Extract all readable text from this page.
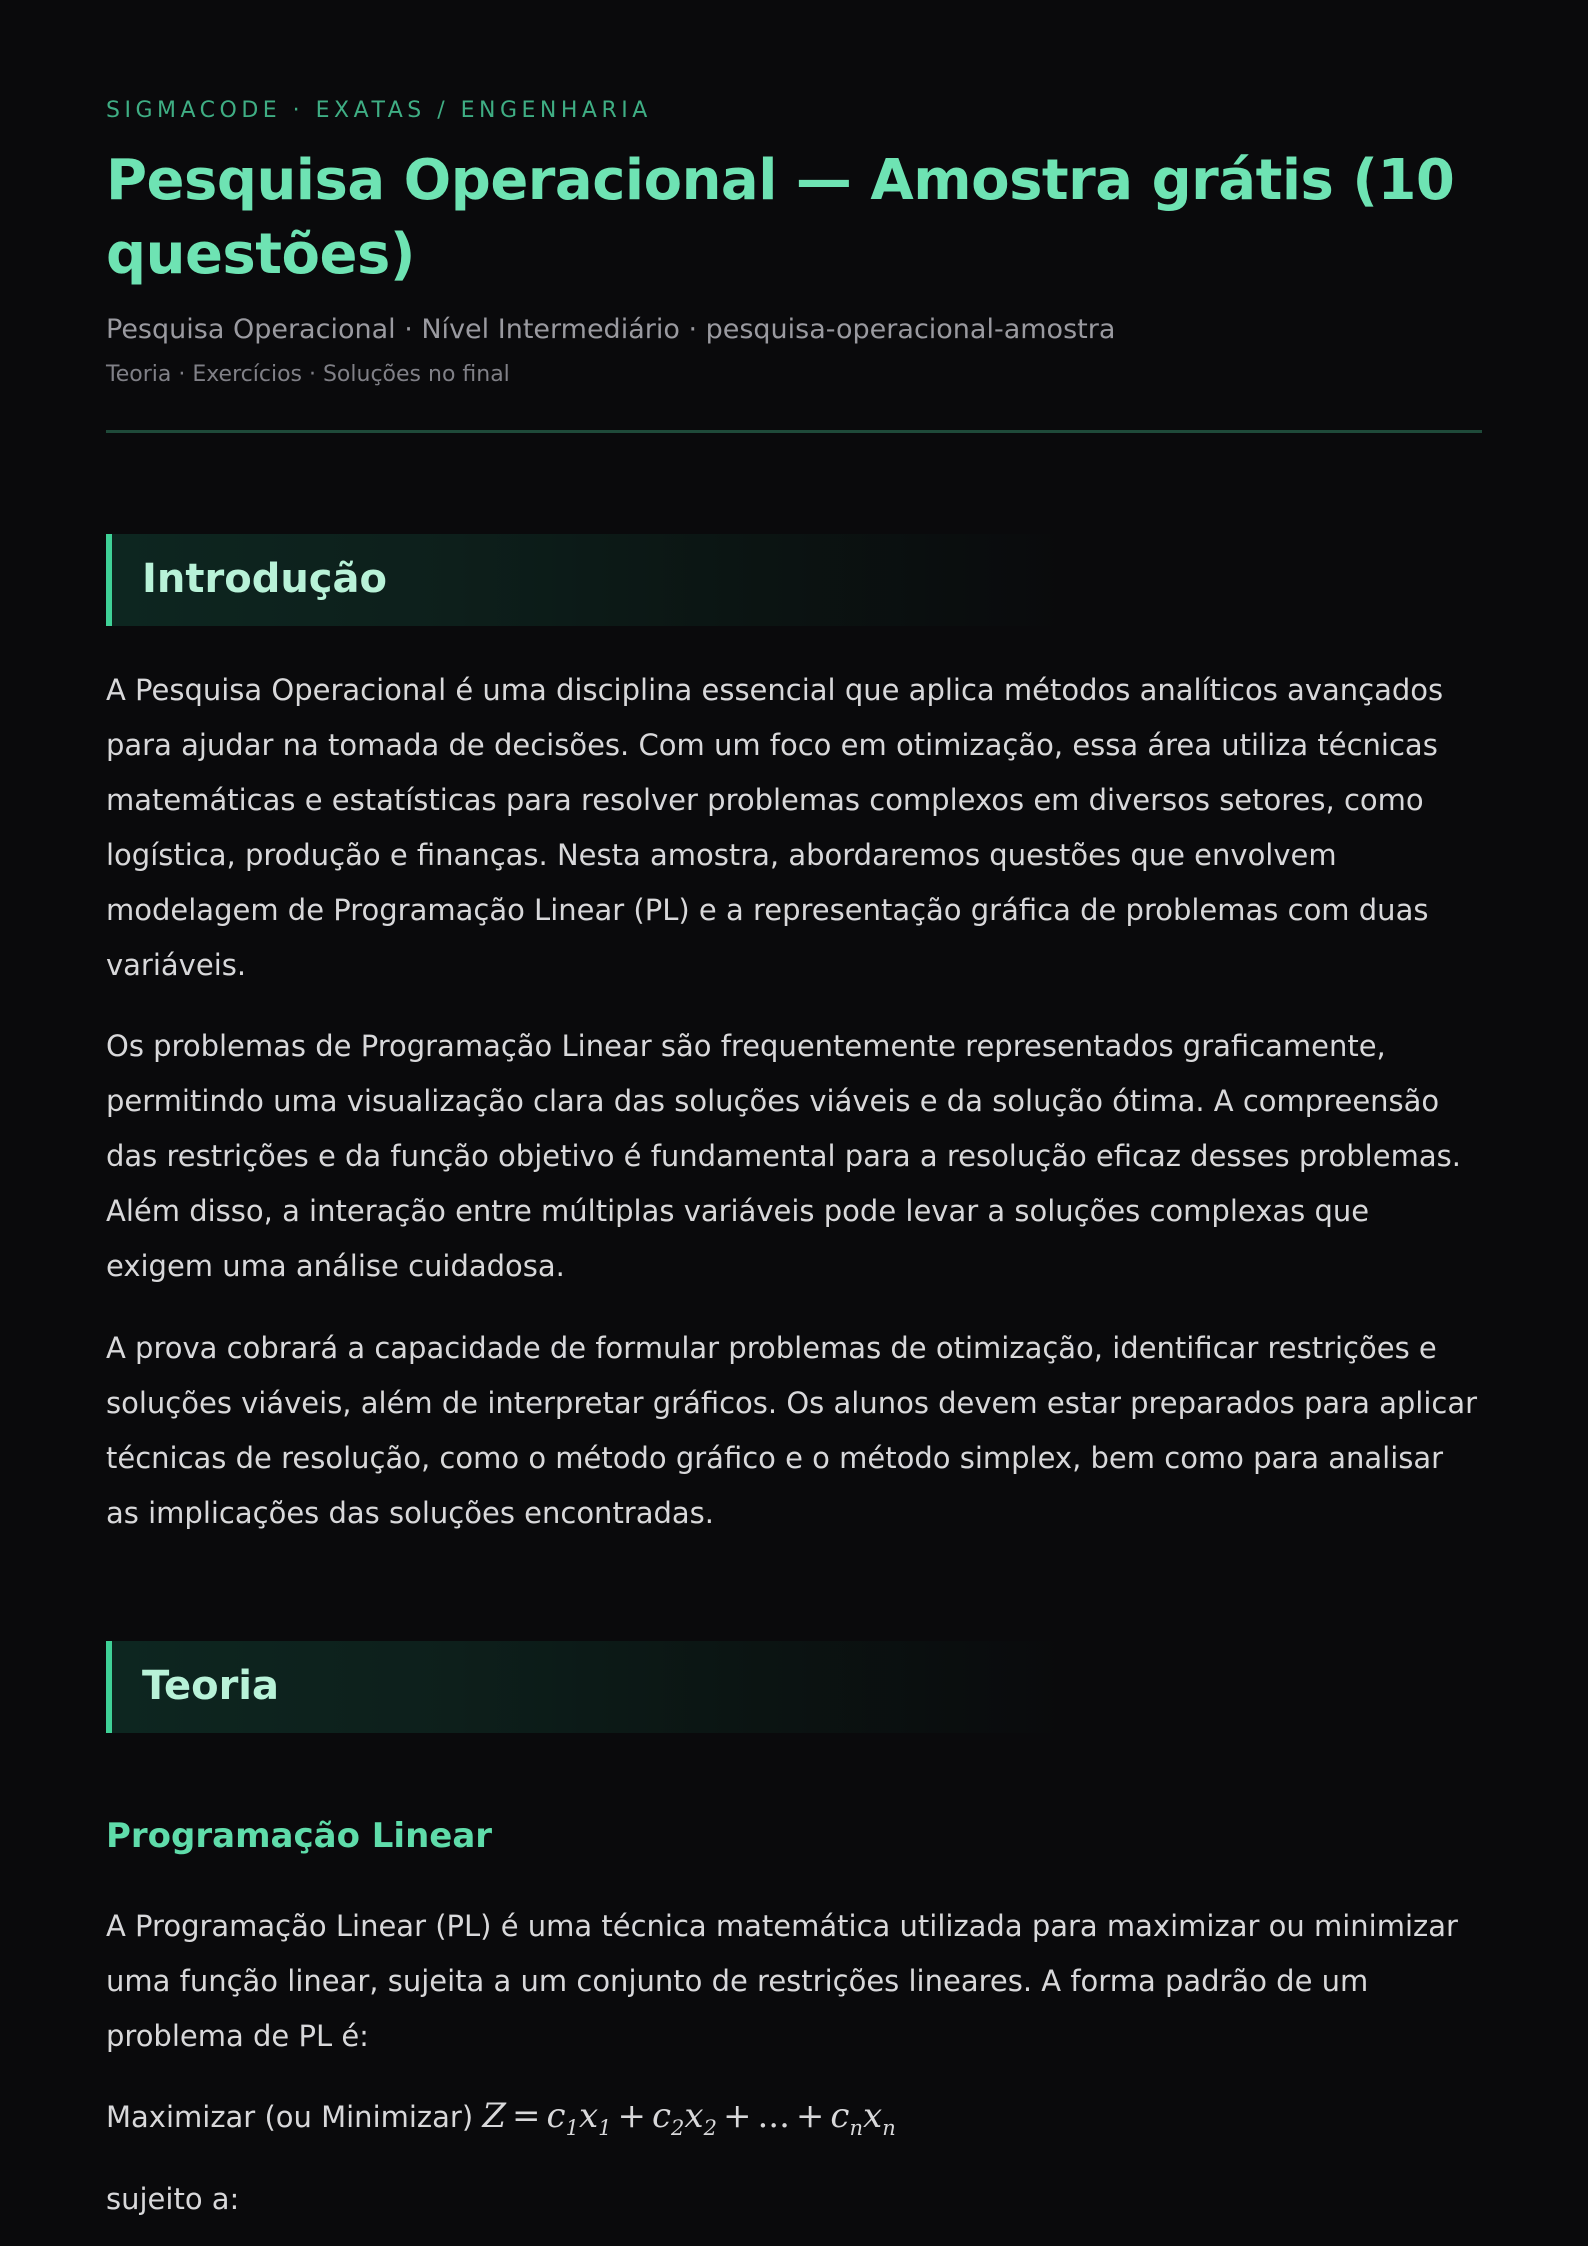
SIGMACODE · EXATAS / ENGENHARIA
Pesquisa Operacional — Amostra grátis (10 questões)
Pesquisa Operacional · Nível Intermediário · pesquisa-operacional-amostra
Teoria · Exercícios · Soluções no final
Introdução

A Pesquisa Operacional é uma disciplina essencial que aplica métodos analíticos avançados para ajudar na tomada de decisões. Com um foco em otimização, essa área utiliza técnicas matemáticas e estatísticas para resolver problemas complexos em diversos setores, como logística, produção e finanças. Nesta amostra, abordaremos questões que envolvem modelagem de Programação Linear (PL) e a representação gráfica de problemas com duas variáveis.

Os problemas de Programação Linear são frequentemente representados graficamente, permitindo uma visualização clara das soluções viáveis e da solução ótima. A compreensão das restrições e da função objetivo é fundamental para a resolução eficaz desses problemas. Além disso, a interação entre múltiplas variáveis pode levar a soluções complexas que exigem uma análise cuidadosa.

A prova cobrará a capacidade de formular problemas de otimização, identificar restrições e soluções viáveis, além de interpretar gráficos. Os alunos devem estar preparados para aplicar técnicas de resolução, como o método gráfico e o método simplex, bem como para analisar as implicações das soluções encontradas.

Teoria
Programação Linear

A Programação Linear (PL) é uma técnica matemática utilizada para maximizar ou minimizar uma função linear, sujeita a um conjunto de restrições lineares. A forma padrão de um problema de PL é:

Maximizar (ou Minimizar) $Z = c_1x_1 + c_2x_2$ + ... + $c_nx_n$
sujeito a:
